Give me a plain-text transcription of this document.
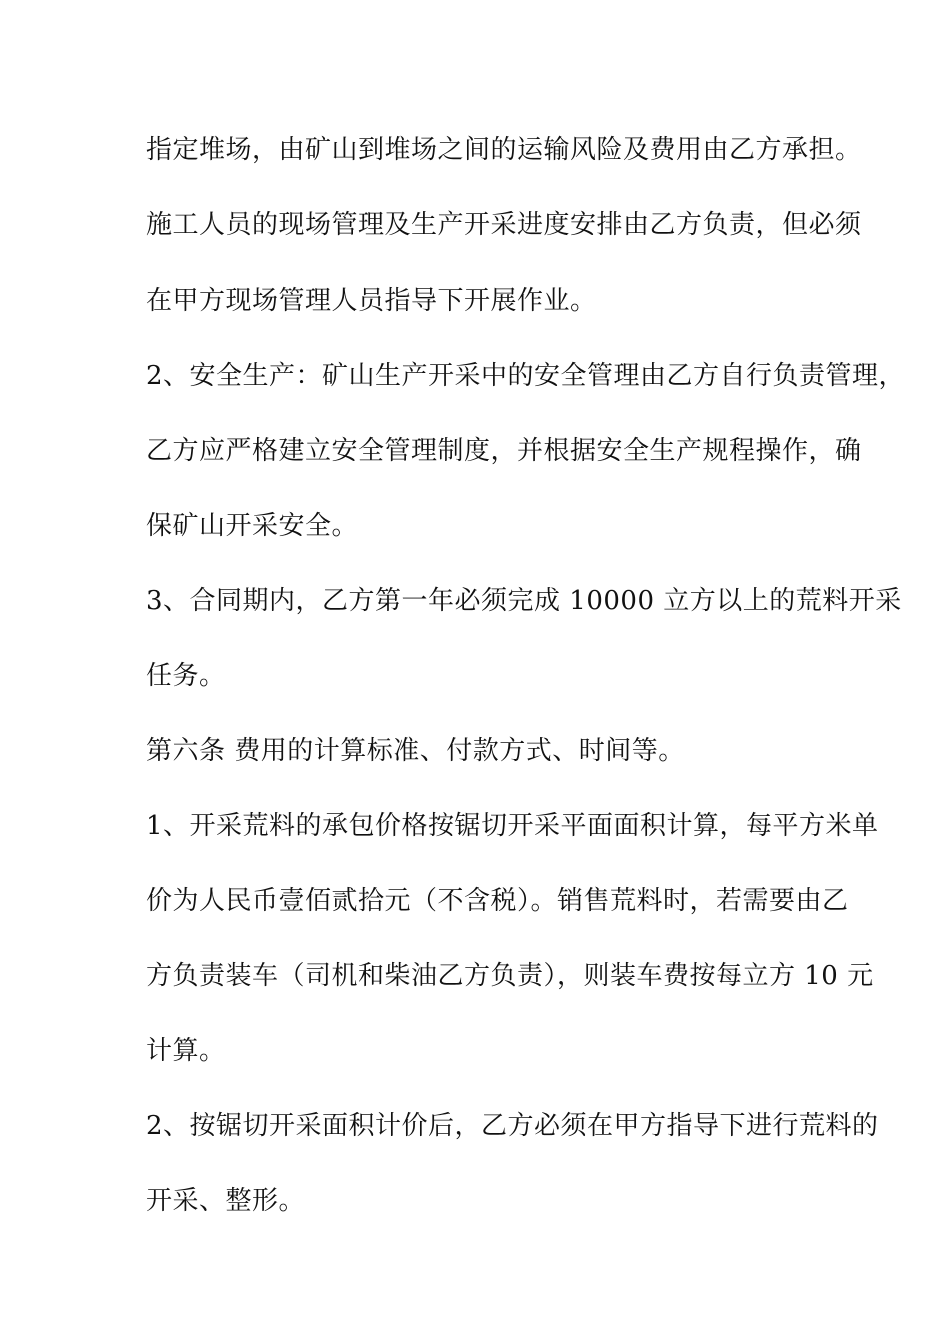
指定堆场，由矿山到堆场之间的运输风险及费用由乙方承担。
施工人员的现场管理及生产开采进度安排由乙方负责，但必须
在甲方现场管理人员指导下开展作业。
2、安全生产：矿山生产开采中的安全管理由乙方自行负责管理，
乙方应严格建立安全管理制度，并根据安全生产规程操作，确
保矿山开采安全。
3、合同期内，乙方第一年必须完成 10000 立方以上的荒料开采
任务。
第六条 费用的计算标准、付款方式、时间等。
1、开采荒料的承包价格按锯切开采平面面积计算，每平方米单
价为人民币壹佰贰拾元（不含税）。销售荒料时，若需要由乙
方负责装车（司机和柴油乙方负责），则装车费按每立方 10 元
计算。
2、按锯切开采面积计价后，乙方必须在甲方指导下进行荒料的
开采、整形。
